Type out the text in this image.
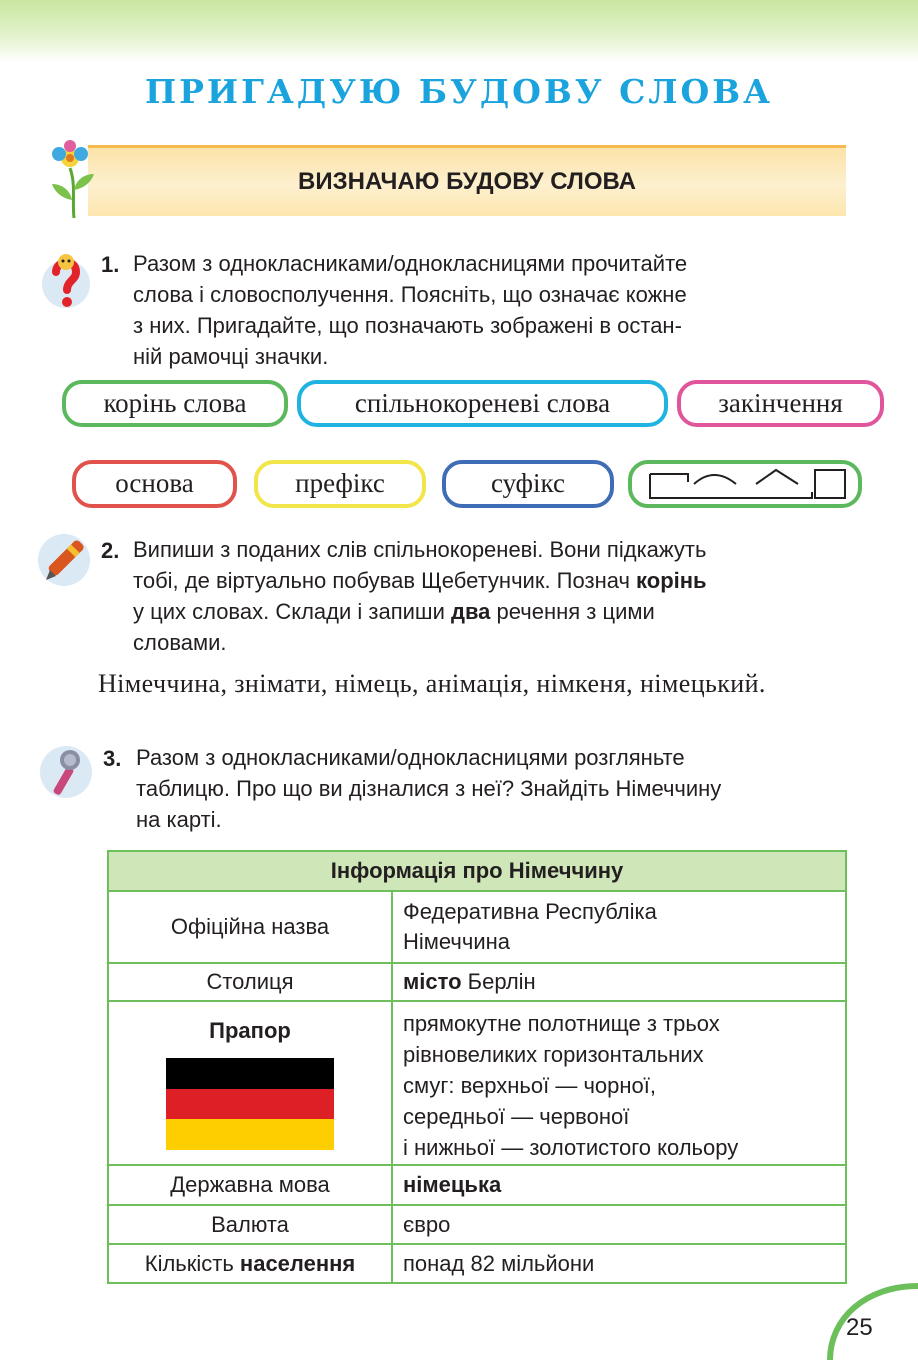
ПРИГАДУЮ БУДОВУ СЛОВА
ВИЗНАЧАЮ БУДОВУ СЛОВА
1. Разом з однокласниками/однокласницями прочитайте

слова і словосполучення. Поясніть, що означає кожне

з них. Пригадайте, що позначають зображені в остан-

ній рамочці значки.

корінь слова	спільнокореневі слова	закінчення
основа	префікс	суфікс
2. Випиши з поданих слів спільнокореневі. Вони підкажуть

тобі, де віртуально побував Щебетунчик. Познач корінь

у цих словах. Склади і запиши два речення з цими

словами.

Німеччина, знімати, німець, анімація, німкеня, німецький.
3. Разом з однокласниками/однокласницями розгляньте

таблицю. Про що ви дізналися з неї? Знайдіть Німеччину

на карті.

Інформація про Німеччину	
Офіційна назва	Федеративна Республіка
Німеччина

Столиця	місто Берлін
Прапор	прямокутне полотнище з трьох
рівновеликих горизонтальних
смуг: верхньої — чорної,
середньої — червоної
і нижньої — золотистого кольору

Державна мова	німецька
Валюта	євро
Кількість населення	понад 82 мільйони
25
